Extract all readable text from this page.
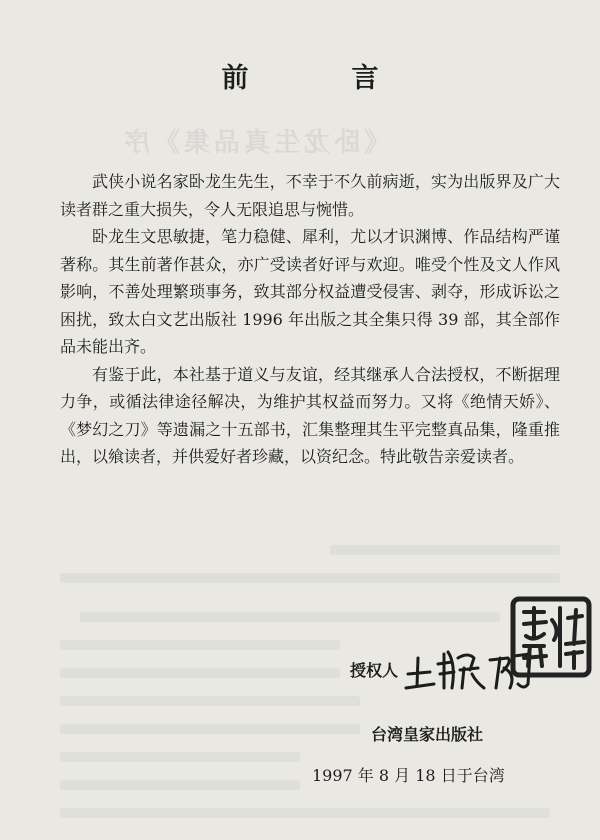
《卧龙生真品集》序
前　言

武侠小说名家卧龙生先生，不幸于不久前病逝，实为出版界及广大读者群之重大损失，令人无限追思与惋惜。

卧龙生文思敏捷，笔力稳健、犀利，尤以才识渊博、作品结构严谨著称。其生前著作甚众，亦广受读者好评与欢迎。唯受个性及文人作风影响，不善处理繁琐事务，致其部分权益遭受侵害、剥夺，形成诉讼之困扰，致太白文艺出版社 1996 年出版之其全集只得 39 部，其全部作品未能出齐。

有鉴于此，本社基于道义与友谊，经其继承人合法授权，不断据理力争，或循法律途径解决，为维护其权益而努力。又将《绝情天娇》、《梦幻之刀》等遗漏之十五部书，汇集整理其生平完整真品集，隆重推出，以飨读者，并供爱好者珍藏，以资纪念。特此敬告亲爱读者。

授权人
台湾皇家出版社
1997 年 8 月 18 日于台湾
